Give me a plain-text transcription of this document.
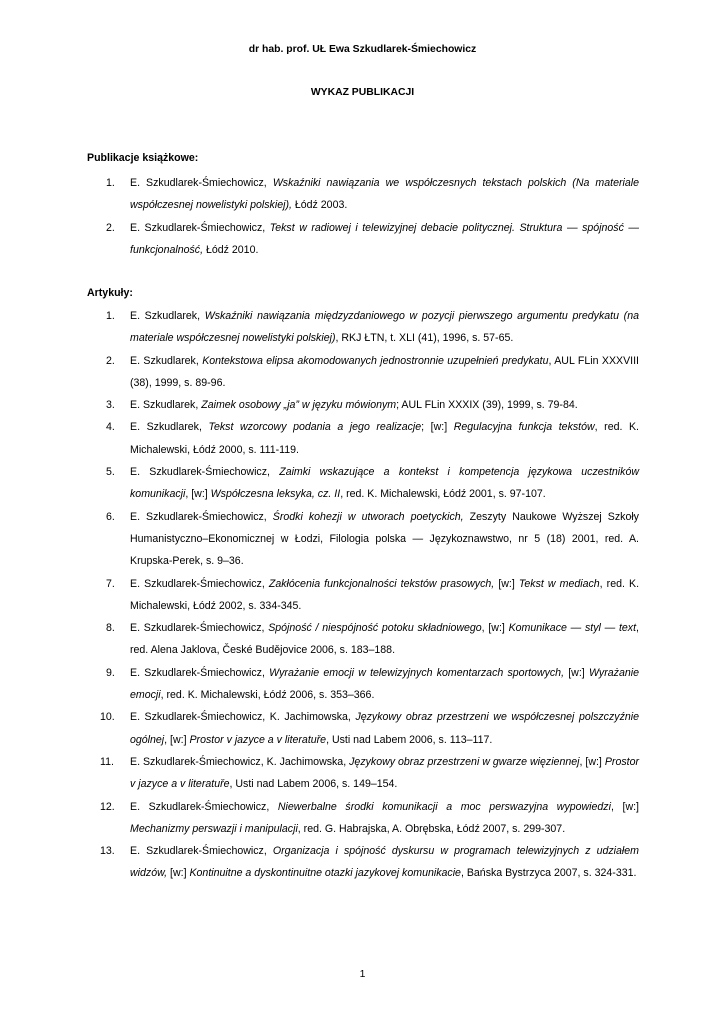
dr hab. prof. UŁ Ewa Szkudlarek-Śmiechowicz
WYKAZ PUBLIKACJI
Publikacje książkowe:
1. E. Szkudlarek-Śmiechowicz, Wskaźniki nawiązania we współczesnych tekstach polskich (Na materiale współczesnej nowelistyki polskiej), Łódź 2003.
2. E. Szkudlarek-Śmiechowicz, Tekst w radiowej i telewizyjnej debacie politycznej. Struktura — spójność — funkcjonalność, Łódź 2010.
Artykuły:
1. E. Szkudlarek, Wskaźniki nawiązania międzyzdaniowego w pozycji pierwszego argumentu predykatu (na materiale współczesnej nowelistyki polskiej), RKJ ŁTN, t. XLI (41), 1996, s. 57-65.
2. E. Szkudlarek, Kontekstowa elipsa akomodowanych jednostronnie uzupełnień predykatu, AUL FLin XXXVIII (38), 1999, s. 89-96.
3. E. Szkudlarek, Zaimek osobowy „ja” w języku mówionym; AUL FLin XXXIX (39), 1999, s. 79-84.
4. E. Szkudlarek, Tekst wzorcowy podania a jego realizacje; [w:] Regulacyjna funkcja tekstów, red. K. Michalewski, Łódź 2000, s. 111-119.
5. E. Szkudlarek-Śmiechowicz, Zaimki wskazujące a kontekst i kompetencja językowa uczestników komunikacji, [w:] Współczesna leksyka, cz. II, red. K. Michalewski, Łódź 2001, s. 97-107.
6. E. Szkudlarek-Śmiechowicz, Środki kohezji w utworach poetyckich, Zeszyty Naukowe Wyższej Szkoły Humanistyczno–Ekonomicznej w Łodzi, Filologia polska — Językoznawstwo, nr 5 (18) 2001, red. A. Krupska-Perek, s. 9–36.
7. E. Szkudlarek-Śmiechowicz, Zakłócenia funkcjonalności tekstów prasowych, [w:] Tekst w mediach, red. K. Michalewski, Łódź 2002, s. 334-345.
8. E. Szkudlarek-Śmiechowicz, Spójność / niespójność potoku składniowego, [w:] Komunikace — styl — text, red. Alena Jaklova, České Budějovice 2006, s. 183–188.
9. E. Szkudlarek-Śmiechowicz, Wyrażanie emocji w telewizyjnych komentarzach sportowych, [w:] Wyrażanie emocji, red. K. Michalewski, Łódź 2006, s. 353–366.
10. E. Szkudlarek-Śmiechowicz, K. Jachimowska, Językowy obraz przestrzeni we współczesnej polszczyźnie ogólnej, [w:] Prostor v jazyce a v literatuře, Usti nad Labem 2006, s. 113–117.
11. E. Szkudlarek-Śmiechowicz, K. Jachimowska, Językowy obraz przestrzeni w gwarze więziennej, [w:] Prostor v jazyce a v literatuře, Usti nad Labem 2006, s. 149–154.
12. E. Szkudlarek-Śmiechowicz, Niewerbalne środki komunikacji a moc perswazyjna wypowiedzi, [w:] Mechanizmy perswazji i manipulacji, red. G. Habrajska, A. Obrębska, Łódź 2007, s. 299-307.
13. E. Szkudlarek-Śmiechowicz, Organizacja i spójność dyskursu w programach telewizyjnych z udziałem widzów, [w:] Kontinuitne a dyskontinuitne otazki jazykovej komunikacie, Bańska Bystrzyca 2007, s. 324-331.
1
